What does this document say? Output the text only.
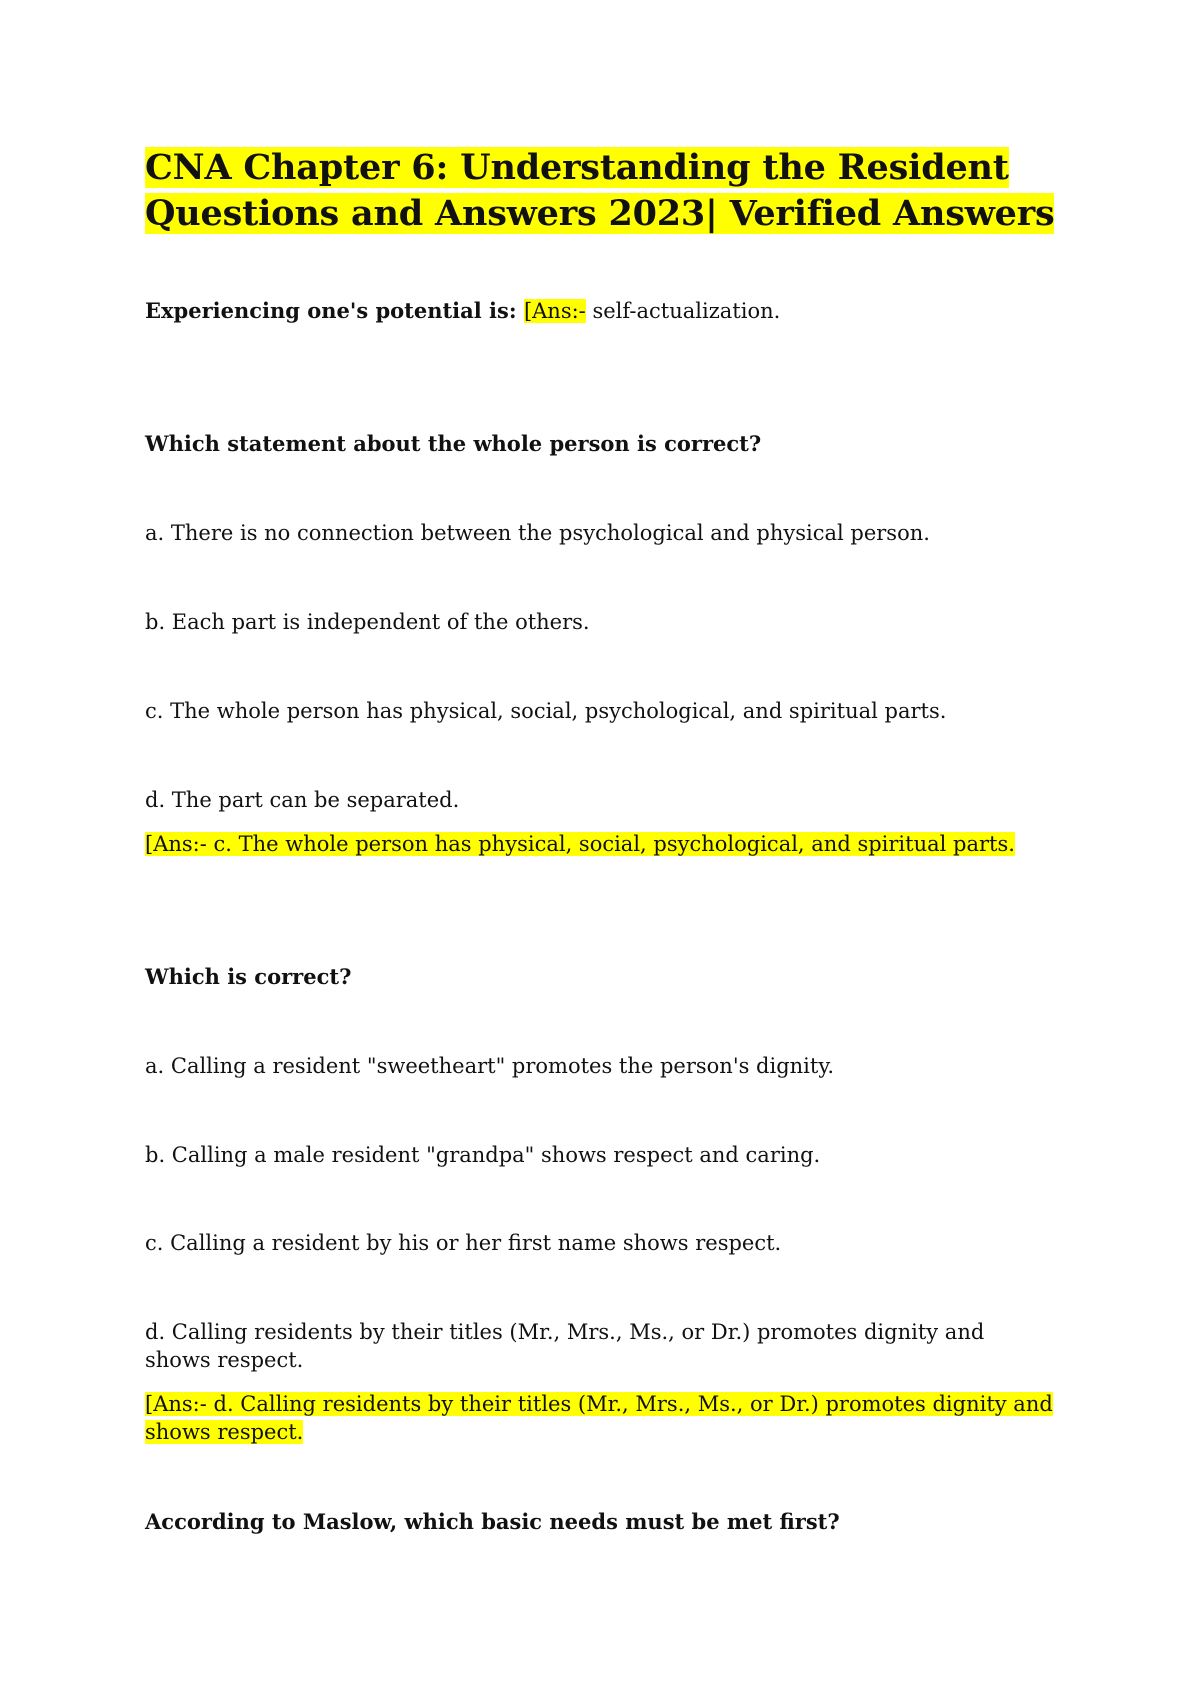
CNA Chapter 6: Understanding the Resident
Questions and Answers 2023| Verified Answers
Experiencing one's potential is: [Ans:- self-actualization.
Which statement about the whole person is correct?
a. There is no connection between the psychological and physical person.
b. Each part is independent of the others.
c. The whole person has physical, social, psychological, and spiritual parts.
d. The part can be separated.
[Ans:- c. The whole person has physical, social, psychological, and spiritual parts.
Which is correct?
a. Calling a resident "sweetheart" promotes the person's dignity.
b. Calling a male resident "grandpa" shows respect and caring.
c. Calling a resident by his or her first name shows respect.
d. Calling residents by their titles (Mr., Mrs., Ms., or Dr.) promotes dignity and
shows respect.
[Ans:- d. Calling residents by their titles (Mr., Mrs., Ms., or Dr.) promotes dignity and
shows respect.
According to Maslow, which basic needs must be met first?
